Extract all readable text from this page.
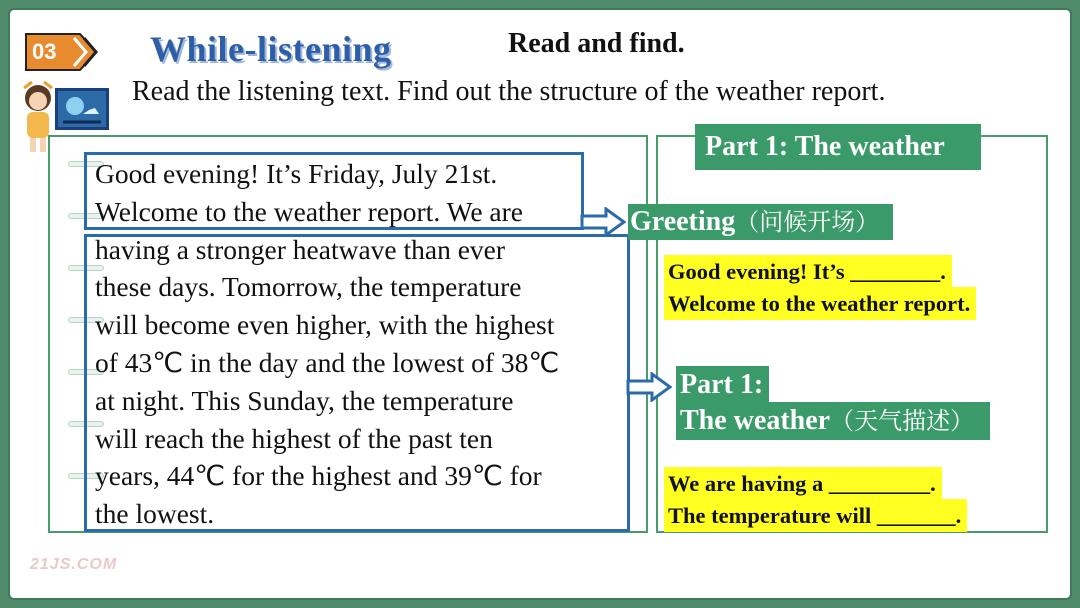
03	While-listening	Read and find.
Read the listening text. Find out the structure of the weather report.
Good evening! It’s Friday, July 21st.
Welcome to the weather report. We are
having a stronger heatwave than ever
these days. Tomorrow, the temperature
will become even higher, with the highest
of 43℃ in the day and the lowest of 38℃
at night. This Sunday, the temperature
will reach the highest of the past ten
years, 44℃ for the highest and 39℃ for
the lowest.
Part 1: The weather
Greeting（问候开场）
Good evening! It’s ________.
Welcome to the weather report.
Part 1:
The weather（天气描述）
We are having a _________.
The temperature will _______.
21JS.COM
